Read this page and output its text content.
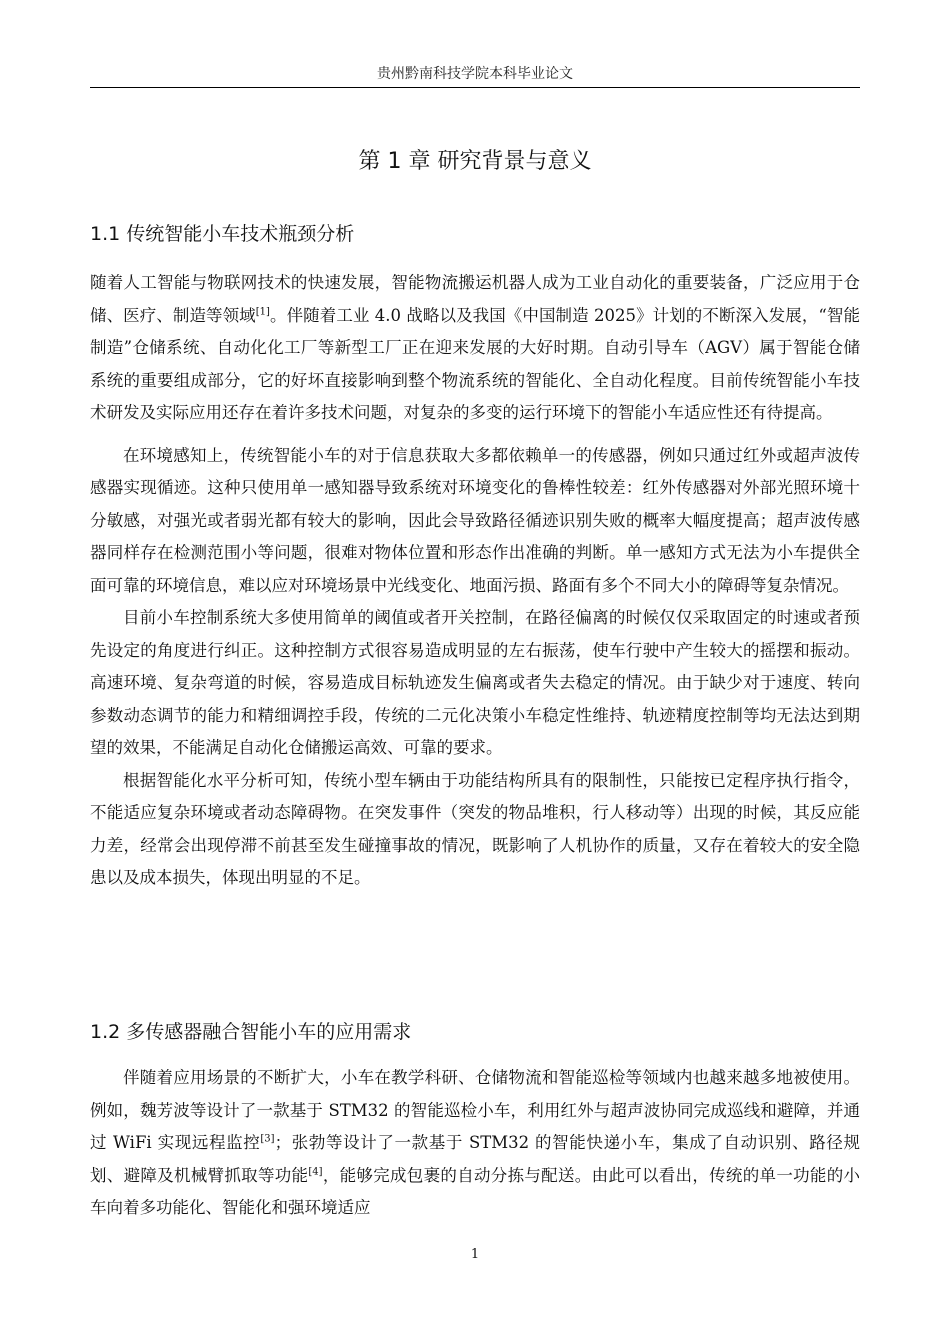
贵州黔南科技学院本科毕业论文
第 1 章 研究背景与意义
1.1 传统智能小车技术瓶颈分析

随着人工智能与物联网技术的快速发展，智能物流搬运机器人成为工业自动化的重要装备，广泛应用于仓储、医疗、制造等领域[1]。伴随着工业 4.0 战略以及我国《中国制造 2025》计划的不断深入发展，“智能制造”仓储系统、自动化化工厂等新型工厂正在迎来发展的大好时期。自动引导车（AGV）属于智能仓储系统的重要组成部分，它的好坏直接影响到整个物流系统的智能化、全自动化程度。目前传统智能小车技术研发及实际应用还存在着许多技术问题，对复杂的多变的运行环境下的智能小车适应性还有待提高。

在环境感知上，传统智能小车的对于信息获取大多都依赖单一的传感器，例如只通过红外或超声波传感器实现循迹。这种只使用单一感知器导致系统对环境变化的鲁棒性较差：红外传感器对外部光照环境十分敏感，对强光或者弱光都有较大的影响，因此会导致路径循迹识别失败的概率大幅度提高；超声波传感器同样存在检测范围小等问题，很难对物体位置和形态作出准确的判断。单一感知方式无法为小车提供全面可靠的环境信息，难以应对环境场景中光线变化、地面污损、路面有多个不同大小的障碍等复杂情况。

目前小车控制系统大多使用简单的阈值或者开关控制，在路径偏离的时候仅仅采取固定的时速或者预先设定的角度进行纠正。这种控制方式很容易造成明显的左右振荡，使车行驶中产生较大的摇摆和振动。高速环境、复杂弯道的时候，容易造成目标轨迹发生偏离或者失去稳定的情况。由于缺少对于速度、转向参数动态调节的能力和精细调控手段，传统的二元化决策小车稳定性维持、轨迹精度控制等均无法达到期望的效果，不能满足自动化仓储搬运高效、可靠的要求。

根据智能化水平分析可知，传统小型车辆由于功能结构所具有的限制性，只能按已定程序执行指令，不能适应复杂环境或者动态障碍物。在突发事件（突发的物品堆积，行人移动等）出现的时候，其反应能力差，经常会出现停滞不前甚至发生碰撞事故的情况，既影响了人机协作的质量，又存在着较大的安全隐患以及成本损失，体现出明显的不足。

1.2 多传感器融合智能小车的应用需求

伴随着应用场景的不断扩大，小车在教学科研、仓储物流和智能巡检等领域内也越来越多地被使用。例如，魏芳波等设计了一款基于 STM32 的智能巡检小车，利用红外与超声波协同完成巡线和避障，并通过 WiFi 实现远程监控[3]；张勃等设计了一款基于 STM32 的智能快递小车，集成了自动识别、路径规划、避障及机械臂抓取等功能[4]，能够完成包裹的自动分拣与配送。由此可以看出，传统的单一功能的小车向着多功能化、智能化和强环境适应

1
